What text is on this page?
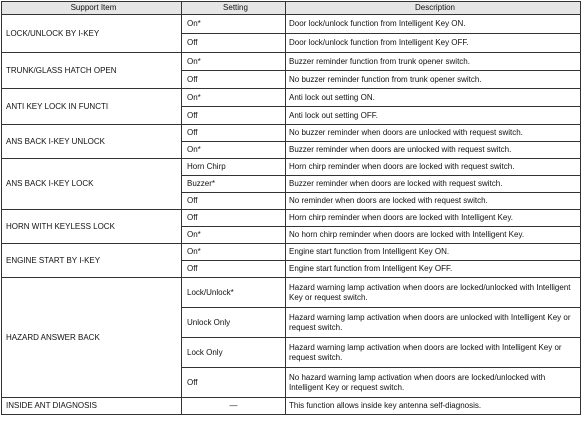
Support Item	Setting	Description
LOCK/UNLOCK BY I-KEY	On*	Door lock/unlock function from Intelligent Key ON.
	Off	Door lock/unlock function from Intelligent Key OFF.
TRUNK/GLASS HATCH OPEN	On*	Buzzer reminder function from trunk opener switch.
	Off	No buzzer reminder function from trunk opener switch.
ANTI KEY LOCK IN FUNCTI	On*	Anti lock out setting ON.
	Off	Anti lock out setting OFF.
ANS BACK I-KEY UNLOCK	Off	No buzzer reminder when doors are unlocked with request switch.
	On*	Buzzer reminder when doors are unlocked with request switch.
ANS BACK I-KEY LOCK	Horn Chirp	Horn chirp reminder when doors are locked with request switch.
	Buzzer*	Buzzer reminder when doors are locked with request switch.
	Off	No reminder when doors are locked with request switch.
HORN WITH KEYLESS LOCK	Off	Horn chirp reminder when doors are locked with Intelligent Key.
	On*	No horn chirp reminder when doors are locked with Intelligent Key.
ENGINE START BY I-KEY	On*	Engine start function from Intelligent Key ON.
	Off	Engine start function from Intelligent Key OFF.
HAZARD ANSWER BACK	Lock/Unlock*	Hazard warning lamp activation when doors are locked/unlocked with Intelligent Key or request switch.
	Unlock Only	Hazard warning lamp activation when doors are unlocked with Intelligent Key or request switch.
	Lock Only	Hazard warning lamp activation when doors are locked with Intelligent Key or request switch.
	Off	No hazard warning lamp activation when doors are locked/unlocked with Intelligent Key or request switch.
INSIDE ANT DIAGNOSIS	—	This function allows inside key antenna self-diagnosis.
